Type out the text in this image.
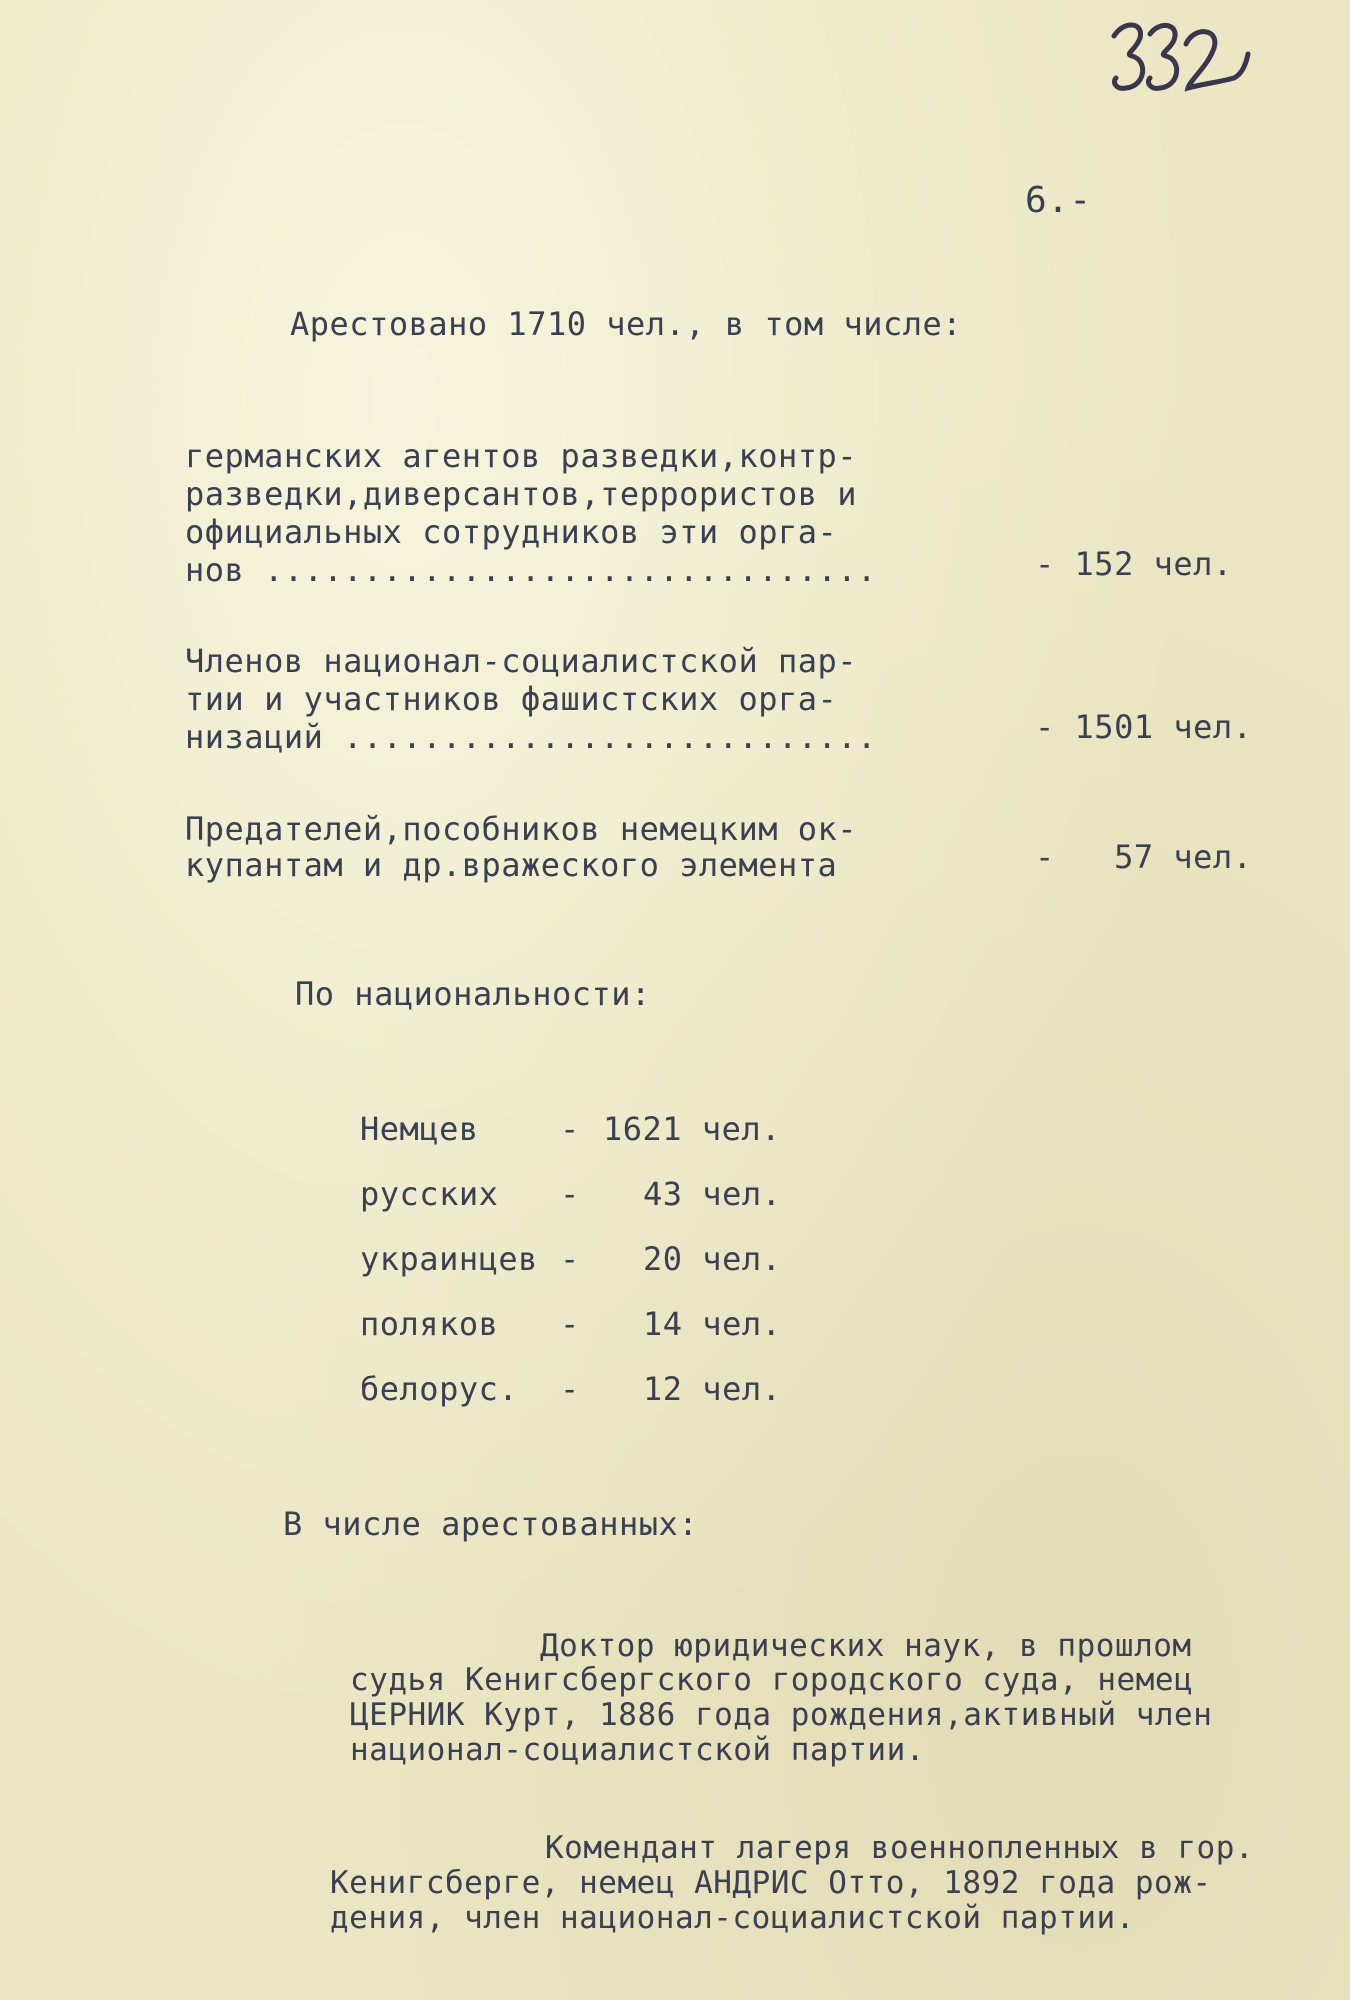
6.-
Арестовано 1710 чел., в том числе:
германских агентов разведки,контр-
разведки,диверсантов,террористов и
официальных сотрудников эти орга-
нов ...............................	- 152 чел.
Членов национал-социалистской пар-
тии и участников фашистских орга-
низаций ...........................	- 1501 чел.
Предателей,пособников немецким ок-
купантам и др.вражеского элемента	-   57 чел.
По национальности:
Немцев	- 1621 чел.
русских - 43 чел.
украинцев - 20 чел.
поляков - 14 чел.
белорус. - 12 чел.
В числе арестованных:
Доктор юридических наук, в прошлом
судья Кенигсбергского городского суда, немец
ЦЕРНИК Курт, 1886 года рождения,активный член
национал-социалистской партии.
Комендант лагеря военнопленных в гор.
Кенигсберге, немец АНДРИС Отто, 1892 года рож-
дения, член национал-социалистской партии.
